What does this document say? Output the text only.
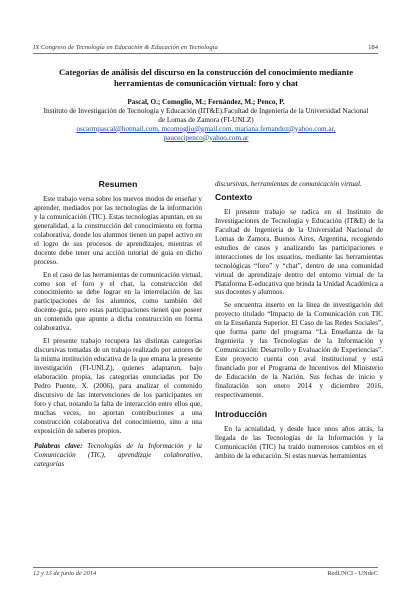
IX Congreso de Tecnología en Educación & Educación en Tecnología	184
Categorías de análisis del discurso en la construcción del conocimiento mediante herramientas de comunicación virtual: foro y chat
Pascal, O.; Comoglio, M.; Fernández, M.; Penco, P.
Instituto de Investigación de Tecnología y Educación (IIT&E).Facultad de Ingeniería de la Universidad Nacional de Lomas de Zamora (FI-UNLZ)
oscarmpascal@hotmail.com, mcomoglio@gmail.com, mariana.fernandez@yahoo.com.ar,
paucecipenco@yahoo.com.ar
Resumen

Este trabajo versa sobre los nuevos modos de enseñar y aprender, mediados por las tecnologías de la información y la comunicación (TIC). Estas tecnologías apuntan, en su generalidad, a la construcción del conocimiento en forma colaborativa, donde los alumnos tienen un papel activo en el logro de sus procesos de aprendizajes, mientras el docente debe tener una acción tutorial de guía en dicho proceso.

En el caso de las herramientas de comunicación virtual, como son el foro y el chat, la construcción del conocimiento se debe lograr en la interrelación de las participaciones de los alumnos, como también del docente-guía, pero estas participaciones tienen que poseer un contenido que apunte a dicha construcción en forma colaborativa.

El presente trabajo recupera las distintas categorías discursivas tomadas de un trabajo realizado por autores de la misma institución educativa de la que emana la presente investigación (FI-UNLZ), quienes adaptaron, bajo elaboración propia, las categorías enunciadas por De Pedro Puente, X. (2006), para analizar el contenido discursivo de las intervenciones de los participantes en foro y chat, notando la falta de interacción entre ellos que, muchas veces, no aportan contribuciones a una construcción colaborativa del conocimiento, sino a una exposición de saberes propios.

Palabras clave: Tecnologías de la Información y la Comunicación (TIC), aprendizaje colaborativo, categorías

discursivas, herramientas de comunicación virtual.

Contexto

El presente trabajo se radica en el Instituto de Investigaciones de Tecnología y Educación (IT&E) de la Facultad de Ingeniería de la Universidad Nacional de Lomas de Zamora, Buenos Aires, Argentina, recogiendo estudios de casos y analizando las participaciones e interacciones de los usuarios, mediante las herramientas tecnológicas “foro” y “chat”, dentro de una comunidad virtual de aprendizaje dentro del entorno virtual de la Plataforma E-educativa que brinda la Unidad Académica a sus docentes y alumnos.

Se encuentra inserto en la línea de investigación del proyecto titulado “Impacto de la Comunicación con TIC en la Enseñanza Superior. El Caso de las Redes Sociales”, que forma parte del programa “La Enseñanza de la Ingeniería y las Tecnologías de la Información y Comunicación: Desarrollo y Evaluación de Experiencias”. Este proyecto cuenta con aval institucional y está financiado por el Programa de Incentivos del Ministerio de Educación de la Nación. Sus fechas de inicio y finalización son enero 2014 y diciembre 2016, respectivamente.

Introducción

En la actualidad, y desde hace unos años atrás, la llegada de las Tecnologías de la Información y la Comunicación (TIC) ha traído numerosos cambios en el ámbito de la educación. Si estas nuevas herramientas

12 y 13 de junio de 2014	RedUNCI - UNdeC
